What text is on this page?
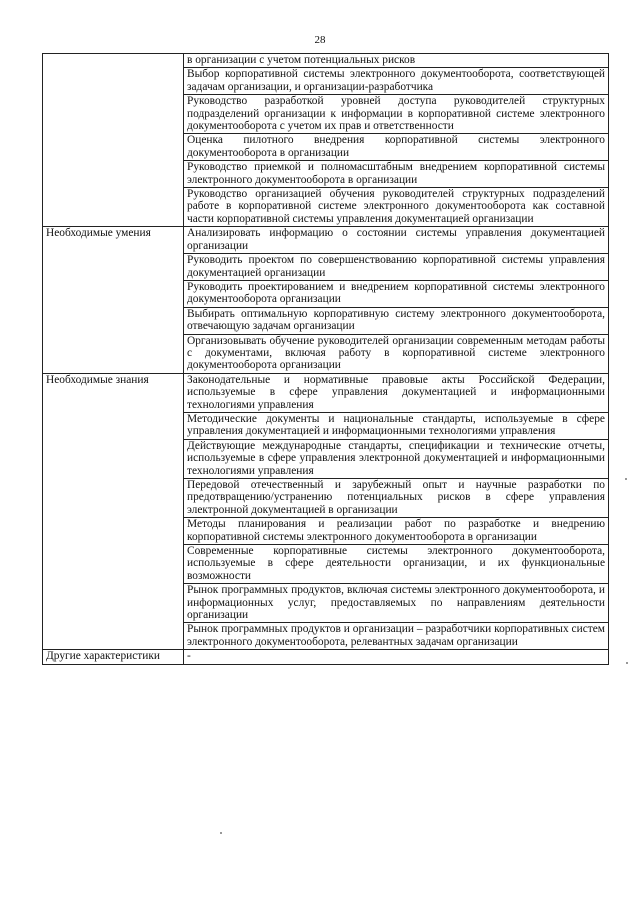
28
	в организации с учетом потенциальных рисков
	Выбор корпоративной системы электронного документооборота, соответствующей задачам организации, и организации-разработчика
	Руководство разработкой уровней доступа руководителей структурных подразделений организации к информации в корпоративной системе электронного документооборота с учетом их прав и ответственности
	Оценка пилотного внедрения корпоративной системы электронного документооборота в организации
	Руководство приемкой и полномасштабным внедрением корпоративной системы электронного документооборота в организации
	Руководство организацией обучения руководителей структурных подразделений работе в корпоративной системе электронного документооборота как составной части корпоративной системы управления документацией организации
Необходимые умения	Анализировать информацию о состоянии системы управления документацией организации
	Руководить проектом по совершенствованию корпоративной системы управления документацией организации
	Руководить проектированием и внедрением корпоративной системы электронного документооборота организации
	Выбирать оптимальную корпоративную систему электронного документооборота, отвечающую задачам организации
	Организовывать обучение руководителей организации современным методам работы с документами, включая работу в корпоративной системе электронного документооборота организации
Необходимые знания	Законодательные и нормативные правовые акты Российской Федерации, используемые в сфере управления документацией и информационными технологиями управления
	Методические документы и национальные стандарты, используемые в сфере управления документацией и информационными технологиями управления
	Действующие международные стандарты, спецификации и технические отчеты, используемые в сфере управления электронной документацией и информационными технологиями управления
	Передовой отечественный и зарубежный опыт и научные разработки по предотвращению/устранению потенциальных рисков в сфере управления электронной документацией в организации
	Методы планирования и реализации работ по разработке и внедрению корпоративной системы электронного документооборота в организации
	Современные корпоративные системы электронного документооборота, используемые в сфере деятельности организации, и их функциональные возможности
	Рынок программных продуктов, включая системы электронного документооборота, и информационных услуг, предоставляемых по направлениям деятельности организации
	Рынок программных продуктов и организации – разработчики корпоративных систем электронного документооборота, релевантных задачам организации
Другие характеристики	-
